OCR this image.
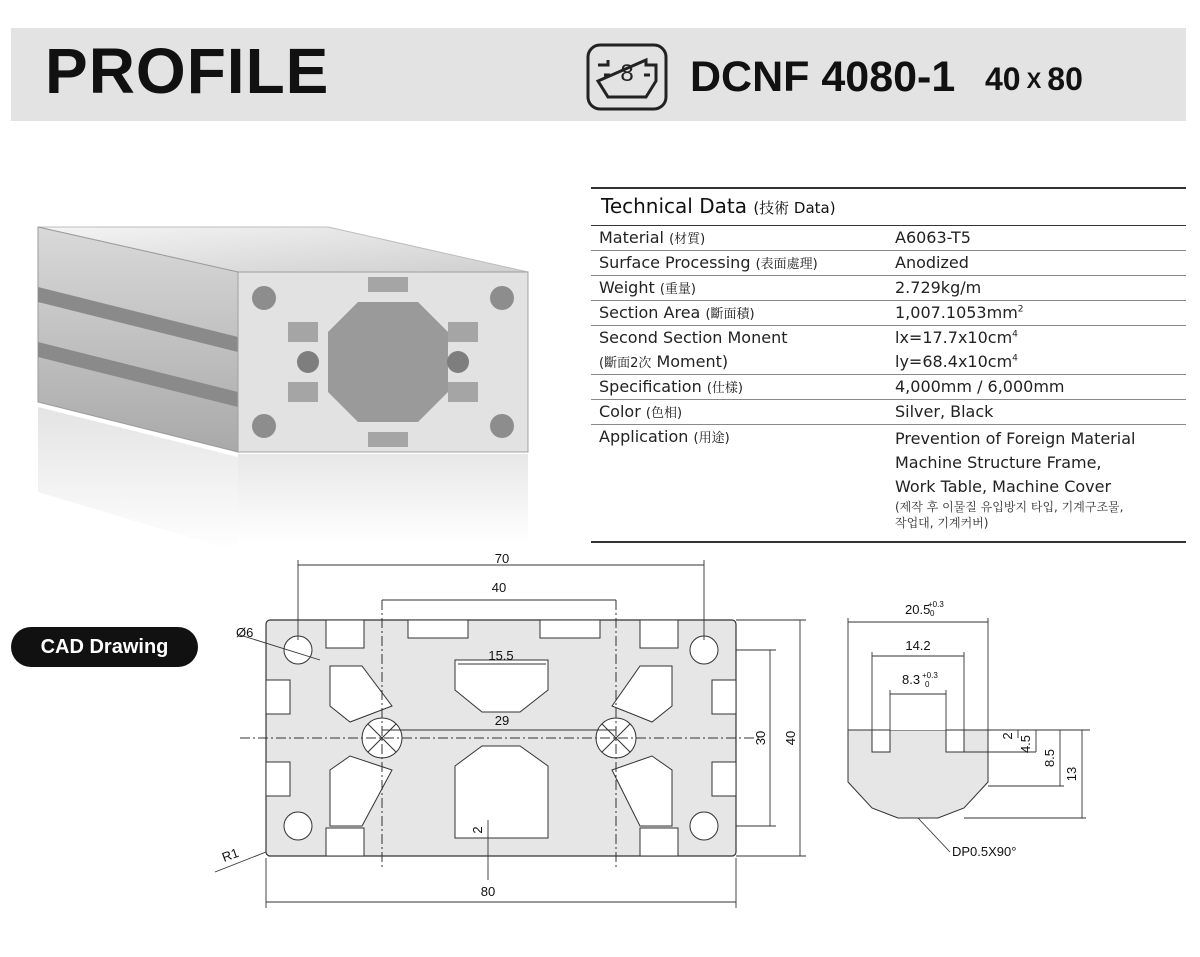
PROFILE	8 DCNF 4080-1 40 X 80
Technical Data (技術 Data)
Material (材質)	A6063-T5
Surface Processing (表面處理)	Anodized
Weight (重量)	2.729kg/m
Section Area (斷面積)	$1,007.1053mm^2$
Second Section Monent	$lx=17.7x10cm^4$
(斷面2次 Moment)	$ly=68.4x10cm^4$
Specification (仕樣)	4,000mm / 6,000mm
Color (色相)	Silver, Black
Application (用途)	Prevention of Foreign Material
Machine Structure Frame,
Work Table, Machine Cover
(제작 후 이물질 유입방지 타입, 기계구조물,
작업대, 기계커버)
CAD Drawing
70
40
15.5
29
30 40
2
80
Ø6
R1
20.5
+0.3
0
14.2
8.3 +0.3
0
2 4.5
8.5
13
DP0.5X90°
